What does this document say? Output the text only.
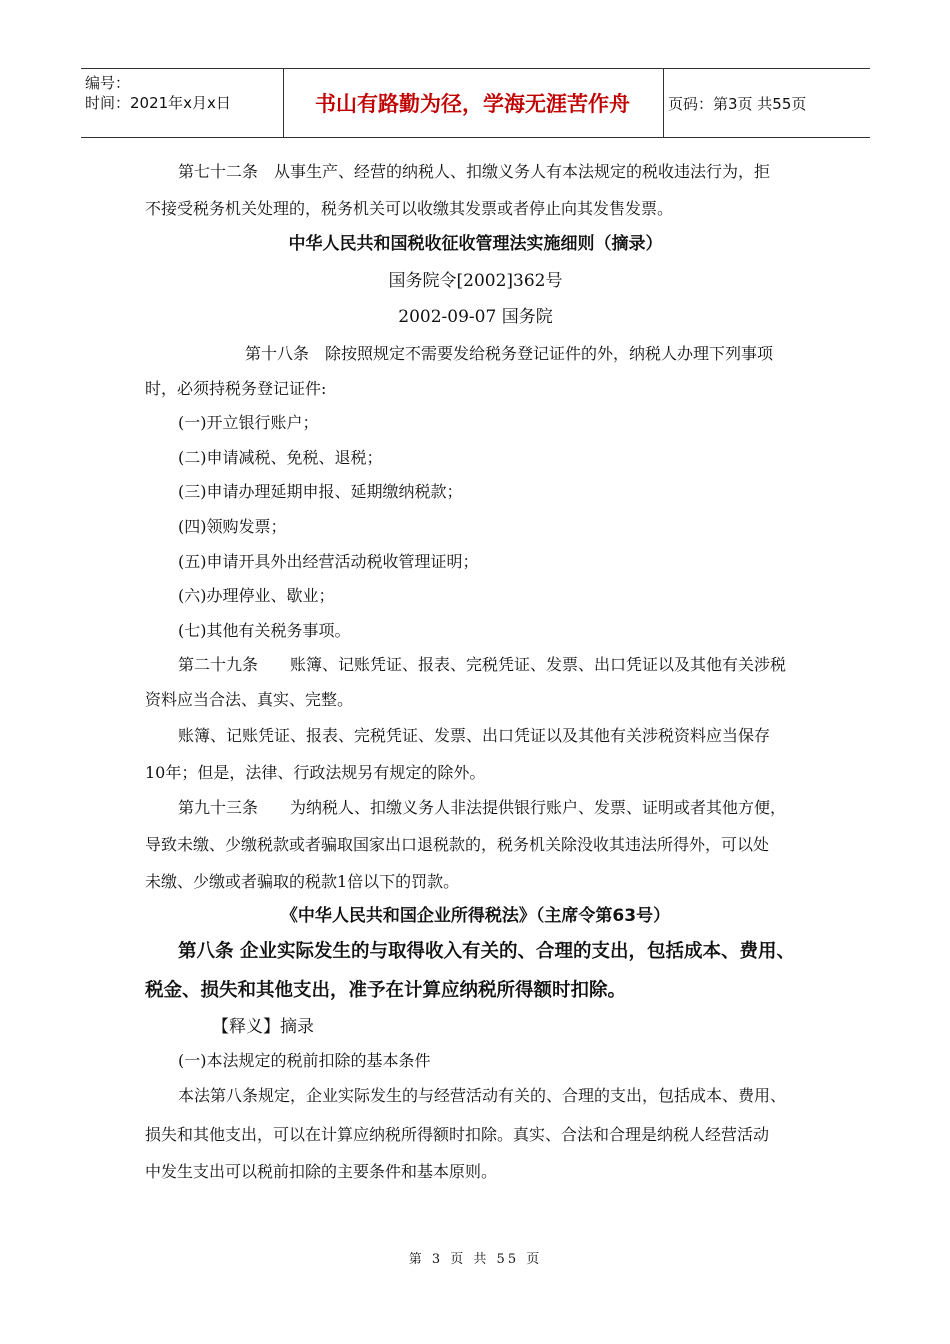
编号：
时间：2021年x月x日	书山有路勤为径，学海无涯苦作舟	页码：第3页 共55页
第七十二条　从事生产、经营的纳税人、扣缴义务人有本法规定的税收违法行为，拒
不接受税务机关处理的，税务机关可以收缴其发票或者停止向其发售发票。
中华人民共和国税收征收管理法实施细则（摘录）
国务院令[2002]362号
2002-09-07 国务院
第十八条　除按照规定不需要发给税务登记证件的外，纳税人办理下列事项
时，必须持税务登记证件:
(一)开立银行账户；
(二)申请减税、免税、退税；
(三)申请办理延期申报、延期缴纳税款；
(四)领购发票；
(五)申请开具外出经营活动税收管理证明；
(六)办理停业、歇业；
(七)其他有关税务事项。
第二十九条　　账簿、记账凭证、报表、完税凭证、发票、出口凭证以及其他有关涉税
资料应当合法、真实、完整。
账簿、记账凭证、报表、完税凭证、发票、出口凭证以及其他有关涉税资料应当保存
10年；但是，法律、行政法规另有规定的除外。
第九十三条　　为纳税人、扣缴义务人非法提供银行账户、发票、证明或者其他方便，
导致未缴、少缴税款或者骗取国家出口退税款的，税务机关除没收其违法所得外，可以处
未缴、少缴或者骗取的税款1倍以下的罚款。
《中华人民共和国企业所得税法》（主席令第63号）
第八条 企业实际发生的与取得收入有关的、合理的支出，包括成本、费用、
税金、损失和其他支出，准予在计算应纳税所得额时扣除。
【释义】摘录
(一)本法规定的税前扣除的基本条件
本法第八条规定，企业实际发生的与经营活动有关的、合理的支出，包括成本、费用、
损失和其他支出，可以在计算应纳税所得额时扣除。真实、合法和合理是纳税人经营活动
中发生支出可以税前扣除的主要条件和基本原则。
第 3 页 共 55 页
